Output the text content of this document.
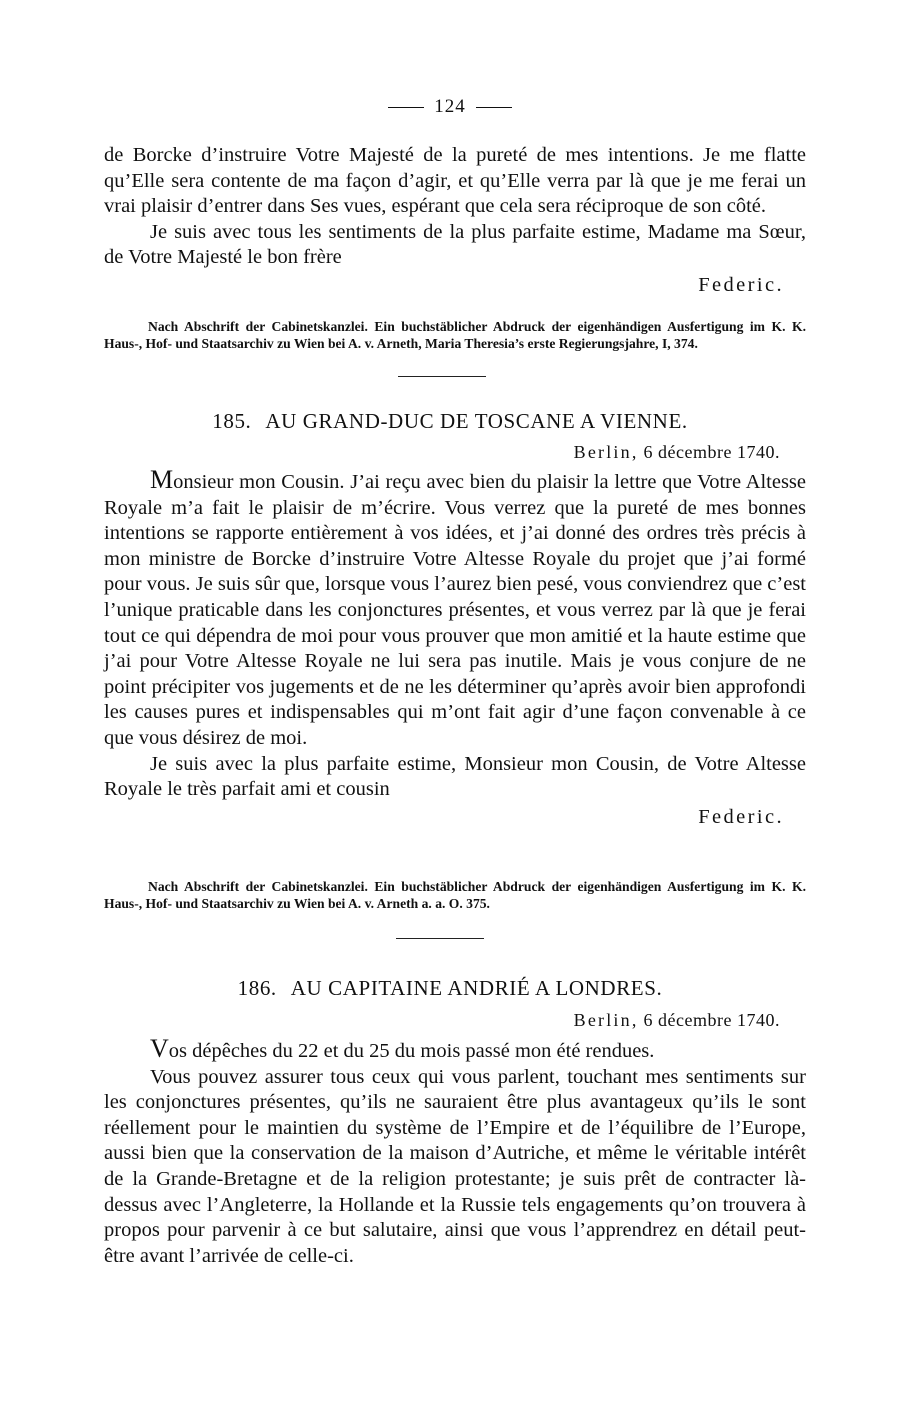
124

de Borcke d’instruire Votre Majesté de la pureté de mes intentions. Je me flatte qu’Elle sera contente de ma façon d’agir, et qu’Elle verra par là que je me ferai un vrai plaisir d’entrer dans Ses vues, espérant que cela sera réciproque de son côté.

Je suis avec tous les sentiments de la plus parfaite estime, Madame ma Sœur, de Votre Majesté le bon frère
Federic.

Nach Abschrift der Cabinetskanzlei. Ein buchstäblicher Abdruck der eigenhändigen Ausfertigung im K. K. Haus-, Hof- und Staatsarchiv zu Wien bei A. v. Arneth, Maria Theresia’s erste Regierungsjahre, I, 374.
185. AU GRAND-DUC DE TOSCANE A VIENNE.
Berlin, 6 décembre 1740.

Monsieur mon Cousin. J’ai reçu avec bien du plaisir la lettre que Votre Altesse Royale m’a fait le plaisir de m’écrire. Vous verrez que la pureté de mes bonnes intentions se rapporte entièrement à vos idées, et j’ai donné des ordres très précis à mon ministre de Borcke d’instruire Votre Altesse Royale du projet que j’ai formé pour vous. Je suis sûr que, lorsque vous l’aurez bien pesé, vous conviendrez que c’est l’unique praticable dans les conjonctures présentes, et vous verrez par là que je ferai tout ce qui dépendra de moi pour vous prouver que mon amitié et la haute estime que j’ai pour Votre Altesse Royale ne lui sera pas inutile. Mais je vous conjure de ne point précipiter vos jugements et de ne les déterminer qu’après avoir bien approfondi les causes pures et indispensables qui m’ont fait agir d’une façon convenable à ce que vous désirez de moi.

Je suis avec la plus parfaite estime, Monsieur mon Cousin, de Votre Altesse Royale le très parfait ami et cousin
Federic.

Nach Abschrift der Cabinetskanzlei. Ein buchstäblicher Abdruck der eigenhändigen Ausfertigung im K. K. Haus-, Hof- und Staatsarchiv zu Wien bei A. v. Arneth a. a. O. 375.
186. AU CAPITAINE ANDRIÉ A LONDRES.
Berlin, 6 décembre 1740.

Vos dépêches du 22 et du 25 du mois passé mon été rendues.

Vous pouvez assurer tous ceux qui vous parlent, touchant mes sentiments sur les conjonctures présentes, qu’ils ne sauraient être plus avantageux qu’ils le sont réellement pour le maintien du système de l’Empire et de l’équilibre de l’Europe, aussi bien que la conservation de la maison d’Autriche, et même le véritable intérêt de la Grande-Bretagne et de la religion protestante; je suis prêt de contracter là-dessus avec l’Angleterre, la Hollande et la Russie tels engagements qu’on trouvera à propos pour parvenir à ce but salutaire, ainsi que vous l’apprendrez en détail peut-être avant l’arrivée de celle-ci.
